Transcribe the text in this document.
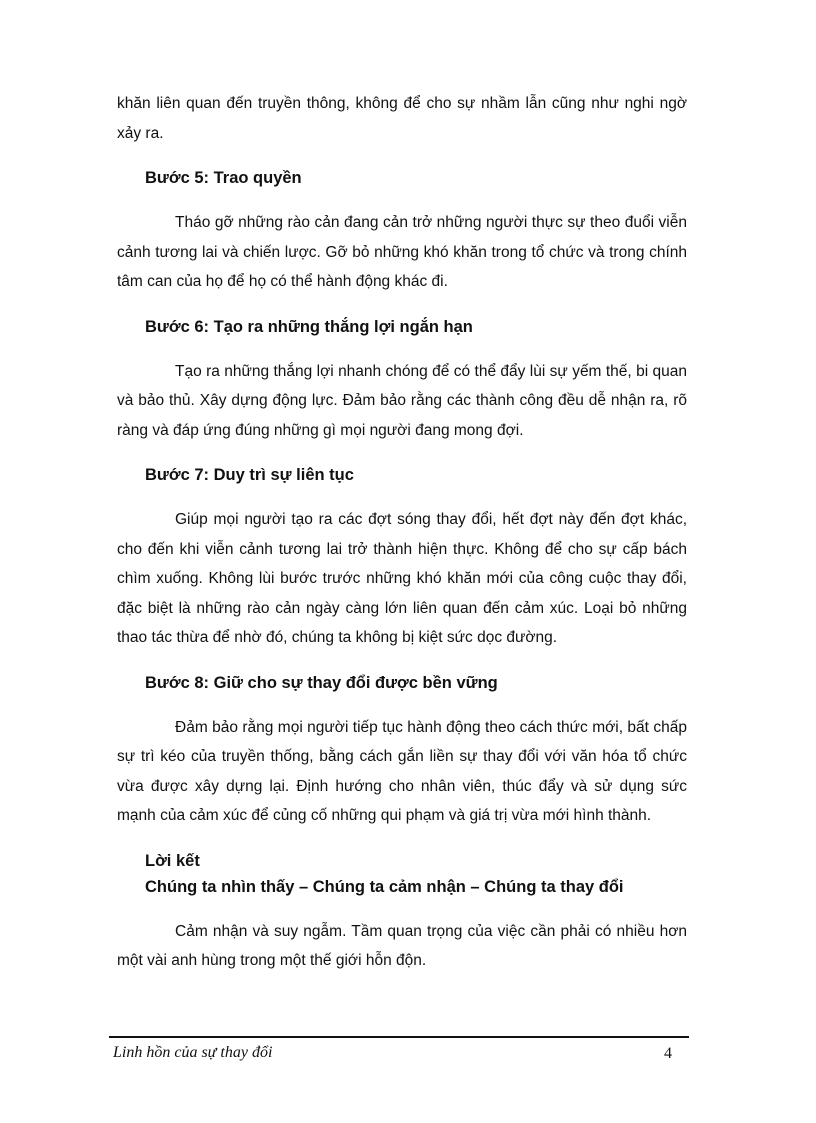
khăn liên quan đến truyền thông, không để cho sự nhầm lẫn cũng như nghi ngờ xảy ra.

Bước 5: Trao quyền

Tháo gỡ những rào cản đang cản trở những người thực sự theo đuổi viễn cảnh tương lai và chiến lược. Gỡ bỏ những khó khăn trong tổ chức và trong chính tâm can của họ để họ có thể hành động khác đi.

Bước 6: Tạo ra những thắng lợi ngắn hạn

Tạo ra những thắng lợi nhanh chóng để có thể đẩy lùi sự yếm thế, bi quan và bảo thủ. Xây dựng động lực. Đảm bảo rằng các thành công đều dễ nhận ra, rõ ràng và đáp ứng đúng những gì mọi người đang mong đợi.

Bước 7: Duy trì sự liên tục

Giúp mọi người tạo ra các đợt sóng thay đổi, hết đợt này đến đợt khác, cho đến khi viễn cảnh tương lai trở thành hiện thực. Không để cho sự cấp bách chìm xuống. Không lùi bước trước những khó khăn mới của công cuộc thay đổi, đặc biệt là những rào cản ngày càng lớn liên quan đến cảm xúc. Loại bỏ những thao tác thừa để nhờ đó, chúng ta không bị kiệt sức dọc đường.

Bước 8: Giữ cho sự thay đổi được bền vững

Đảm bảo rằng mọi người tiếp tục hành động theo cách thức mới, bất chấp sự trì kéo của truyền thống, bằng cách gắn liền sự thay đổi với văn hóa tổ chức vừa được xây dựng lại. Định hướng cho nhân viên, thúc đẩy và sử dụng sức mạnh của cảm xúc để củng cố những qui phạm và giá trị vừa mới hình thành.

Lời kết
Chúng ta nhìn thấy – Chúng ta cảm nhận – Chúng ta thay đổi

Cảm nhận và suy ngẫm. Tầm quan trọng của việc cần phải có nhiều hơn một vài anh hùng trong một thế giới hỗn độn.

Linh hồn của sự thay đổi	4
